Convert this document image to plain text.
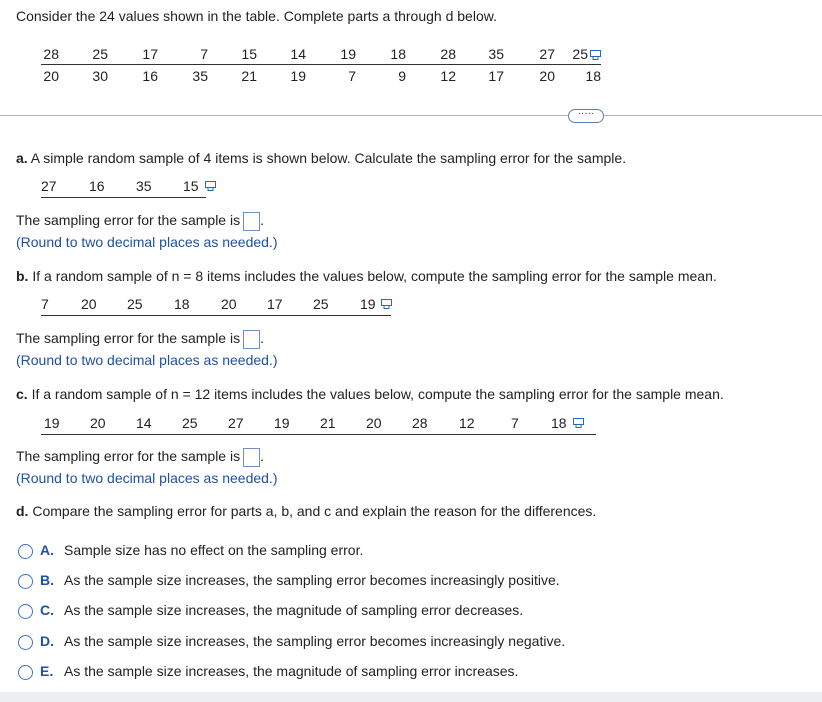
Consider the 24 values shown in the table. Complete parts a through d below.
28	25	17	7	15	14	19	18	28	35	27	25
20	30	16	35	21	19	7	9	12	17	20	18
·····
a. A simple random sample of 4 items is shown below. Calculate the sampling error for the sample.
27 16 35 15
The sampling error for the sample is .
(Round to two decimal places as needed.)
b. If a random sample of n = 8 items includes the values below, compute the sampling error for the sample mean.
7 20 25 18 20 17 25 19
The sampling error for the sample is .
(Round to two decimal places as needed.)
c. If a random sample of n = 12 items includes the values below, compute the sampling error for the sample mean.
19 20 14 25 27 19 21 20 28 12	7 18
The sampling error for the sample is .
(Round to two decimal places as needed.)
d. Compare the sampling error for parts a, b, and c and explain the reason for the differences.
A. Sample size has no effect on the sampling error.
B. As the sample size increases, the sampling error becomes increasingly positive.
C. As the sample size increases, the magnitude of sampling error decreases.
D. As the sample size increases, the sampling error becomes increasingly negative.
E. As the sample size increases, the magnitude of sampling error increases.
